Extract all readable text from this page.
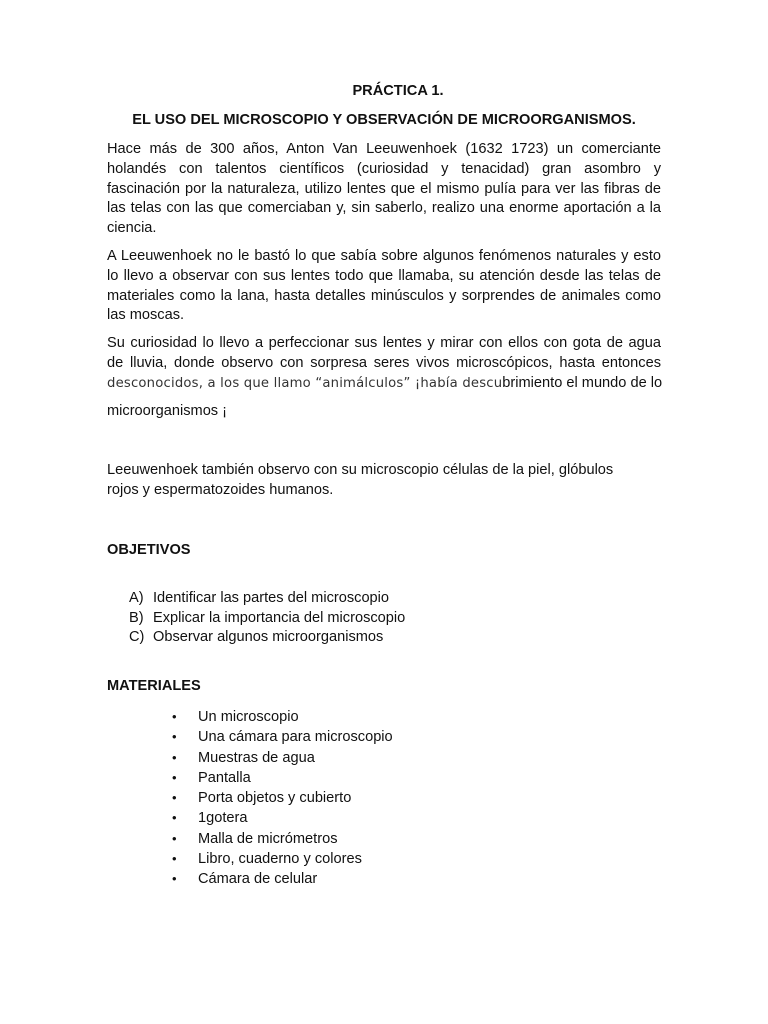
PRÁCTICA 1.

EL USO DEL MICROSCOPIO Y OBSERVACIÓN DE MICROORGANISMOS.

Hace más de 300 años, Anton Van Leeuwenhoek (1632 1723) un comerciante
holandés con talentos científicos (curiosidad y tenacidad) gran asombro y
fascinación por la naturaleza, utilizo lentes que el mismo pulía para ver las fibras de
las telas con las que comerciaban y, sin saberlo, realizo una enorme aportación a la
ciencia.
A Leeuwenhoek no le bastó lo que sabía sobre algunos fenómenos naturales y esto
lo llevo a observar con sus lentes todo que llamaba, su atención desde las telas de
materiales como la lana, hasta detalles minúsculos y sorprendes de animales como
las moscas.
Su curiosidad lo llevo a perfeccionar sus lentes y mirar con ellos con gota de agua
de lluvia, donde observo con sorpresa seres vivos microscópicos, hasta entonces
desconocidos, a los que llamo “animálculos” ¡había descubrimiento el mundo de lo
microorganismos ¡
Leeuwenhoek también observo con su microscopio células de la piel, glóbulos
rojos y espermatozoides humanos.

OBJETIVOS

A) Identificar las partes del microscopio
B) Explicar la importancia del microscopio
C) Observar algunos microorganismos

MATERIALES

•	Un microscopio
•	Una cámara para microscopio
•	Muestras de agua
•	Pantalla
•	Porta objetos y cubierto
•	1gotera
•	Malla de micrómetros
•	Libro, cuaderno y colores
•	Cámara de celular
